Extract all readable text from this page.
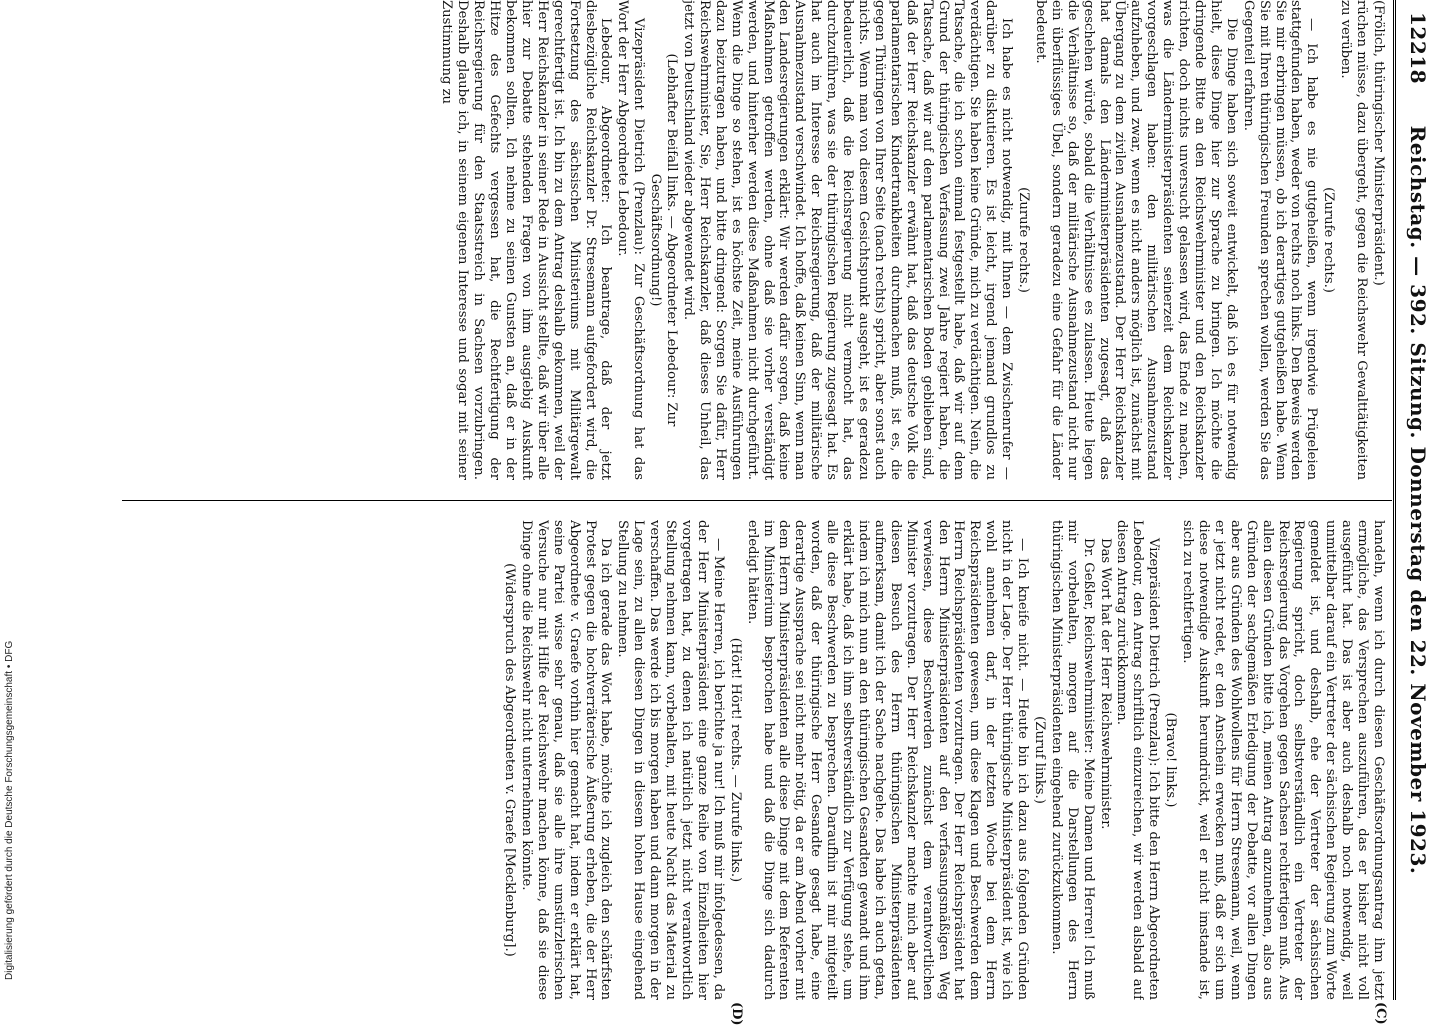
12218
Reichstag. — 392. Sitzung. Donnerstag den 22. November 1923.
(C)
(D)

(Frölich, thüringischer Ministerpräsident.)

rüchen müsse, dazu übergeht, gegen die Reichswehr Gewalttätigkeiten zu verüben.

(Zurufe rechts.)

— Ich habe es nie gutgeheißen, wenn irgendwie Prügeleien stattgefunden haben, weder von rechts noch links. Den Beweis werden Sie mir erbringen müssen, ob ich derartiges gutgeheißen habe. Wenn Sie mit Ihren thüringischen Freunden sprechen wollen, werden Sie das Gegenteil erfahren.

Die Dinge haben sich soweit entwickelt, daß ich es für notwendig hielt, diese Dinge hier zur Sprache zu bringen. Ich möchte die dringende Bitte an den Reichswehrminister und den Reichskanzler richten, doch nichts unversucht gelassen wird, das Ende zu machen, was die Länderministerpräsidenten seinerzeit dem Reichskanzler vorgeschlagen haben: den militärischen Ausnahmezustand aufzuheben, und zwar, wenn es nicht anders möglich ist, zunächst mit Übergang zu dem zivilen Ausnahmezustand. Der Herr Reichskanzler hat damals den Länderministerpräsidenten zugesagt, daß das geschehen würde, sobald die Verhältnisse es zulassen. Heute liegen die Verhältnisse so, daß der militärische Ausnahmezustand nicht nur ein überflüssiges Übel, sondern geradezu eine Gefahr für die Länder bedeutet.

(Zurufe rechts.)

Ich habe es nicht notwendig, mit Ihnen — dem Zwischenrufer — darüber zu diskutieren. Es ist leicht, irgend jemand grundlos zu verdächtigen. Sie haben keine Gründe, mich zu verdächtigen. Nein, die Tatsache, die ich schon einmal festgestellt habe, daß wir auf dem Grund der thüringischen Verfassung zwei Jahre regiert haben, die Tatsache, daß wir auf dem parlamentarischen Boden geblieben sind, daß der Herr Reichskanzler erwähnt hat, daß das deutsche Volk die parlamentarischen Kindertrankheiten durchmachen muß, ist es, die gegen Thüringen von Ihrer Seite (nach rechts) spricht, aber sonst auch nichts. Wenn man von diesem Gesichtspunkt ausgeht, ist es geradezu bedauerlich, daß die Reichsregierung nicht vermocht hat, das durchzuführen, was sie der thüringischen Regierung zugesagt hat. Es hat auch im Interesse der Reichsregierung, daß der militärische Ausnahmezustand verschwindet. Ich hoffe, daß keinen Sinn, wenn man den Landesregierungen erklärt: Wir werden dafür sorgen, daß keine Maßnahmen getroffen werden, ohne daß sie vorher verständigt werden, und hinterher werden diese Maßnahmen nicht durchgeführt. Wenn die Dinge so stehen, ist es höchste Zeit, meine Ausführungen dazu beizutragen haben, und bitte dringend: Sorgen Sie dafür, Herr Reichswehrminister, Sie, Herr Reichskanzler, daß dieses Unheil, das jetzt von Deutschland wieder abgewendet wird.

(Lebhafter Beifall links. — Abgeordneter Lebedour: Zur Geschäftsordnung!)

Vizepräsident Dietrich (Prenzlau): Zur Geschäftsordnung hat das Wort der Herr Abgeordnete Lebedour.

Lebedour, Abgeordneter: Ich beantrage, daß der jetzt diesbezügliche Reichskanzler Dr. Stresemann aufgefordert wird, die Fortsetzung des sächsischen Ministeriums mit Militärgewalt gerechtfertigt ist. Ich bin zu dem Antrag deshalb gekommen, weil der Herr Reichskanzler in seiner Rede in Aussicht stellte, daß wir über alle hier zur Debatte stehenden Fragen von ihm ausgiebig Auskunft bekommen sollten. Ich nehme zu seinen Gunsten an, daß er in der Hitze des Gefechts vergessen hat, die Rechtfertigung der Reichsregierung für den Staatsstreich in Sachsen vorzubringen. Deshalb glaube ich, in seinem eigenen Interesse und sogar mit seiner Zustimmung zu

handeln, wenn ich durch diesen Geschäftsordnungsantrag ihm jetzt ermögliche, das Versprechen auszuführen, das er bisher nicht voll ausgeführt hat. Das ist aber auch deshalb noch notwendig, weil unmittelbar darauf ein Vertreter der sächsischen Regierung zum Worte gemeldet ist, und deshalb, ehe der Vertreter der sächsischen Regierung spricht, doch selbstverständlich ein Vertreter der Reichsregierung das Vorgehen gegen Sachsen rechtfertigen muß. Aus allen diesen Gründen bitte ich, meinen Antrag anzunehmen, also aus Gründen der sachgemäßen Erledigung der Debatte, vor allen Dingen aber aus Gründen des Wohlwollens für Herrn Stresemann, weil, wenn er jetzt nicht redet, er den Anschein erwecken muß, daß er sich um diese notwendige Auskunft herumdrückt, weil er nicht imstande ist, sich zu rechtfertigen.

(Bravo! links.)

Vizepräsident Dietrich (Prenzlau): Ich bitte den Herrn Abgeordneten Lebedour, den Antrag schriftlich einzureichen, wir werden alsbald auf diesen Antrag zurückkommen.

Das Wort hat der Herr Reichswehrminister.

Dr. Geßler, Reichswehrminister: Meine Damen und Herren! Ich muß mir vorbehalten, morgen auf die Darstellungen des Herrn thüringischen Ministerpräsidenten eingehend zurückzukommen.

(Zuruf links.)

— Ich kneife nicht. — Heute bin ich dazu aus folgenden Gründen nicht in der Lage. Der Herr thüringische Ministerpräsident ist, wie ich wohl annehmen darf, in der letzten Woche bei dem Herrn Reichspräsidenten gewesen, um diese Klagen und Beschwerden dem Herrn Reichspräsidenten vorzutragen. Der Herr Reichspräsident hat den Herrn Ministerpräsidenten auf den verfassungsmäßigen Weg verwiesen, diese Beschwerden zunächst dem verantwortlichen Minister vorzutragen. Der Herr Reichskanzler machte mich aber auf diesen Besuch des Herrn thüringischen Ministerpräsidenten aufmerksam, damit ich der Sache nachgehe. Das habe ich auch getan, indem ich mich nun an den thüringischen Gesandten gewandt und ihm erklärt habe, daß ich ihm selbstverständlich zur Verfügung stehe, um alle diese Beschwerden zu besprechen. Daraufhin ist mir mitgeteilt worden, daß der thüringische Herr Gesandte gesagt habe, eine derartige Aussprache sei nicht mehr nötig, da er am Abend vorher mit dem Herrn Ministerpräsidenten alle diese Dinge mit dem Referenten im Ministerium besprochen habe und daß die Dinge sich dadurch erledigt hätten.

(Hört! Hört! rechts. — Zurufe links.)

— Meine Herren, ich berichte ja nur! Ich muß mir infolgedessen, da der Herr Ministerpräsident eine ganze Reihe von Einzelheiten hier vorgetragen hat, zu denen ich natürlich jetzt nicht verantwortlich Stellung nehmen kann, vorbehalten, mit heute Nacht das Material zu verschaffen. Das werde ich bis morgen haben und dann morgen in der Lage sein, zu allen diesen Dingen in diesem hohen Hause eingehend Stellung zu nehmen.

Da ich gerade das Wort habe, möchte ich zugleich den schärfsten Protest gegen die hochverräterische Äußerung erheben, die der Herr Abgeordnete v. Graefe vorhin hier gemacht hat, indem er erklärt hat, seine Partei wisse sehr genau, daß sie alle ihre umstürzlerischen Versuche nur mit Hilfe der Reichswehr machen könne, daß sie diese Dinge ohne die Reichswehr nicht unternehmen könnte.

(Widerspruch des Abgeordneten v. Graefe [Mecklenburg].)

Digitalisierung gefördert durch die Deutsche Forschungsgemeinschaft • DFG
